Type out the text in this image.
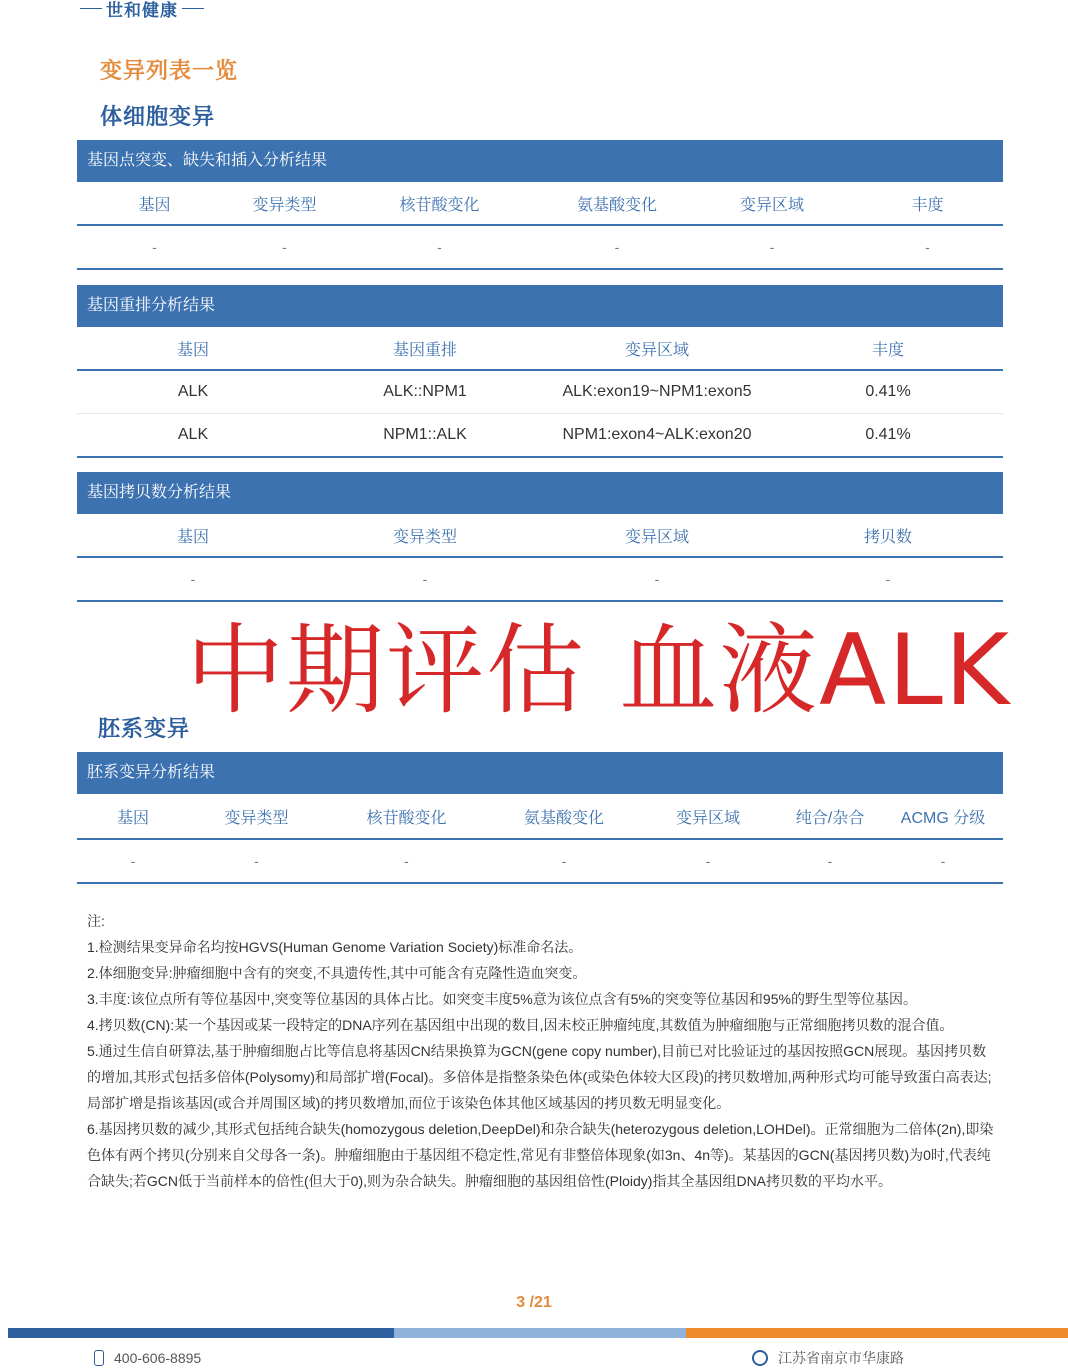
世和健康
变异列表一览
体细胞变异
基因点突变、缺失和插入分析结果
基因	变异类型	核苷酸变化	氨基酸变化	变异区域	丰度
-	-	-	-	-	-
基因重排分析结果
基因	基因重排	变异区域	丰度
ALK	ALK::NPM1	ALK:exon19~NPM1:exon5	0.41%
ALK	NPM1::ALK	NPM1:exon4~ALK:exon20	0.41%
基因拷贝数分析结果
基因	变异类型	变异区域	拷贝数
-	-	-	-
中期评估 血液ALK
胚系变异
胚系变异分析结果
基因	变异类型	核苷酸变化	氨基酸变化	变异区域	纯合/杂合	ACMG 分级
-	-	-	-	-	-	-

注:

1.检测结果变异命名均按HGVS(Human Genome Variation Society)标准命名法。

2.体细胞变异:肿瘤细胞中含有的突变,不具遗传性,其中可能含有克隆性造血突变。

3.丰度:该位点所有等位基因中,突变等位基因的具体占比。如突变丰度5%意为该位点含有5%的突变等位基因和95%的野生型等位基因。

4.拷贝数(CN):某一个基因或某一段特定的DNA序列在基因组中出现的数目,因未校正肿瘤纯度,其数值为肿瘤细胞与正常细胞拷贝数的混合值。

5.通过生信自研算法,基于肿瘤细胞占比等信息将基因CN结果换算为GCN(gene copy number),目前已对比验证过的基因按照GCN展现。基因拷贝数的增加,其形式包括多倍体(Polysomy)和局部扩增(Focal)。多倍体是指整条染色体(或染色体较大区段)的拷贝数增加,两种形式均可能导致蛋白高表达;局部扩增是指该基因(或合并周围区域)的拷贝数增加,而位于该染色体其他区域基因的拷贝数无明显变化。

6.基因拷贝数的减少,其形式包括纯合缺失(homozygous deletion,DeepDel)和杂合缺失(heterozygous deletion,LOHDel)。正常细胞为二倍体(2n),即染色体有两个拷贝(分别来自父母各一条)。肿瘤细胞由于基因组不稳定性,常见有非整倍体现象(如3n、4n等)。某基因的GCN(基因拷贝数)为0时,代表纯合缺失;若GCN低于当前样本的倍性(但大于0),则为杂合缺失。肿瘤细胞的基因组倍性(Ploidy)指其全基因组DNA拷贝数的平均水平。

3 /21
400-606-8895	江苏省南京市华康路
